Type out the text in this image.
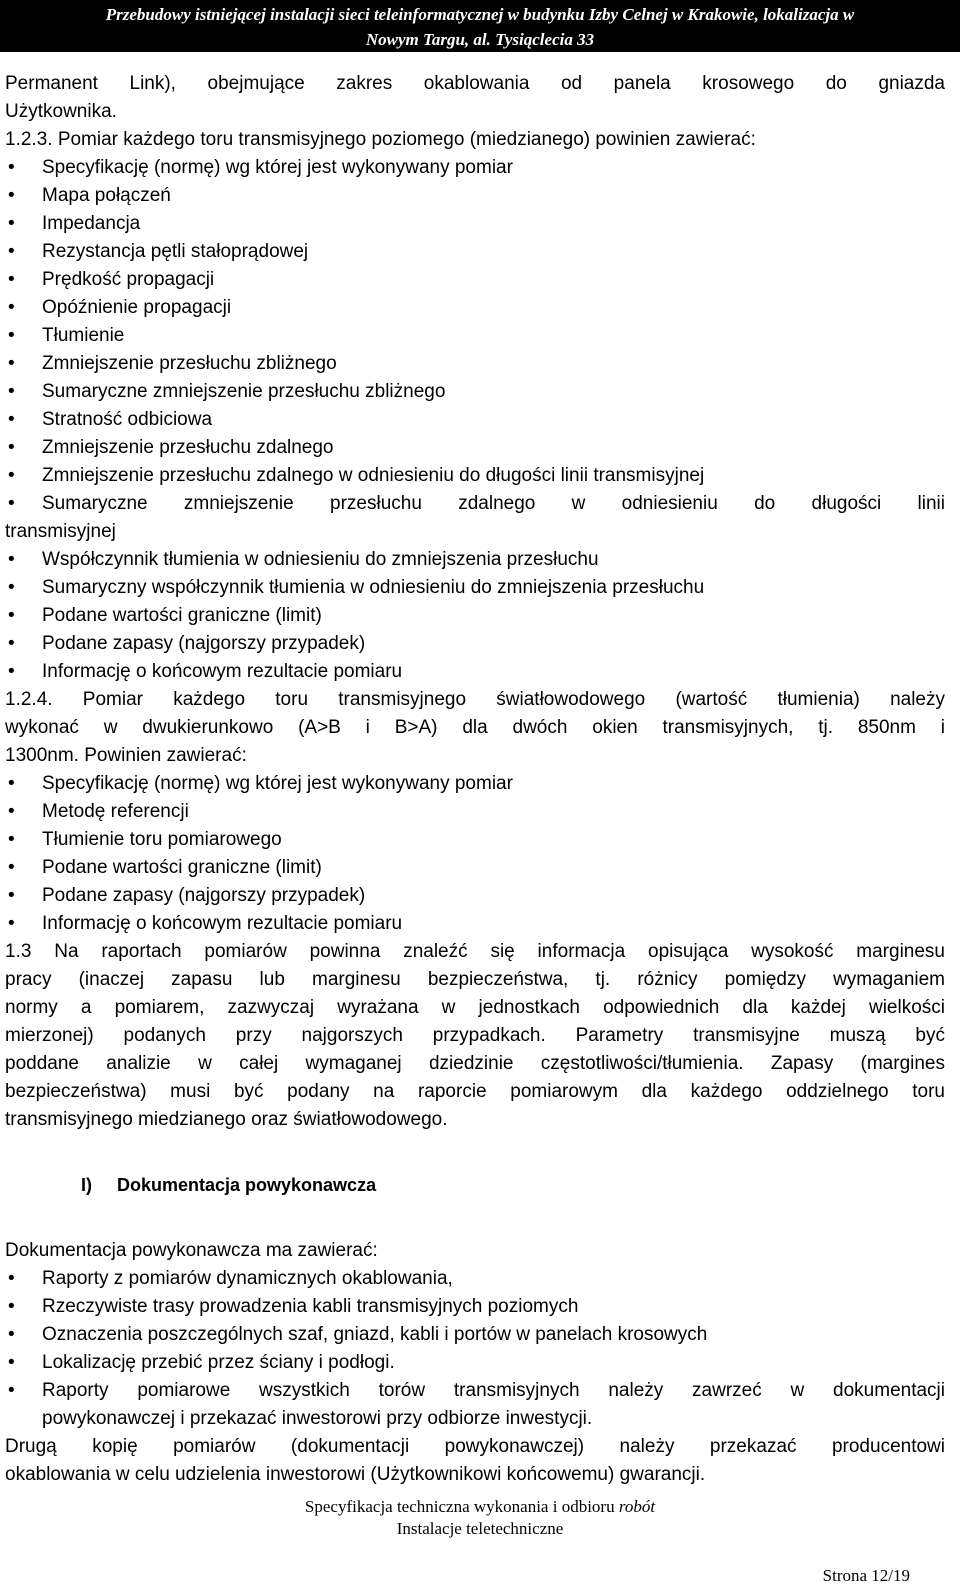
Przebudowy istniejącej instalacji sieci teleinformatycznej w budynku Izby Celnej w Krakowie, lokalizacja w
Nowym Targu, al. Tysiąclecia 33

Permanent Link), obejmujące zakres okablowania od panela krosowego do gniazda

Użytkownika.

1.2.3. Pomiar każdego toru transmisyjnego poziomego (miedzianego) powinien zawierać:

• Specyfikację (normę) wg której jest wykonywany pomiar
• Mapa połączeń
• Impedancja
• Rezystancja pętli stałoprądowej
• Prędkość propagacji
• Opóźnienie propagacji
• Tłumienie
• Zmniejszenie przesłuchu zbliżnego
• Sumaryczne zmniejszenie przesłuchu zbliżnego
• Stratność odbiciowa
• Zmniejszenie przesłuchu zdalnego
• Zmniejszenie przesłuchu zdalnego w odniesieniu do długości linii transmisyjnej
• Sumaryczne zmniejszenie przesłuchu zdalnego w odniesieniu do długości linii

transmisyjnej

• Współczynnik tłumienia w odniesieniu do zmniejszenia przesłuchu
• Sumaryczny współczynnik tłumienia w odniesieniu do zmniejszenia przesłuchu
• Podane wartości graniczne (limit)
• Podane zapasy (najgorszy przypadek)
• Informację o końcowym rezultacie pomiaru

1.2.4. Pomiar każdego toru transmisyjnego światłowodowego (wartość tłumienia) należy

wykonać w dwukierunkowo (A>B i B>A) dla dwóch okien transmisyjnych, tj. 850nm i

1300nm. Powinien zawierać:

• Specyfikację (normę) wg której jest wykonywany pomiar
• Metodę referencji
• Tłumienie toru pomiarowego
• Podane wartości graniczne (limit)
• Podane zapasy (najgorszy przypadek)
• Informację o końcowym rezultacie pomiaru

1.3 Na raportach pomiarów powinna znaleźć się informacja opisująca wysokość marginesu

pracy (inaczej zapasu lub marginesu bezpieczeństwa, tj. różnicy pomiędzy wymaganiem

normy a pomiarem, zazwyczaj wyrażana w jednostkach odpowiednich dla każdej wielkości

mierzonej) podanych przy najgorszych przypadkach. Parametry transmisyjne muszą być

poddane analizie w całej wymaganej dziedzinie częstotliwości/tłumienia. Zapasy (margines

bezpieczeństwa) musi być podany na raporcie pomiarowym dla każdego oddzielnego toru

transmisyjnego miedzianego oraz światłowodowego.

I) Dokumentacja powykonawcza

Dokumentacja powykonawcza ma zawierać:

• Raporty z pomiarów dynamicznych okablowania,
• Rzeczywiste trasy prowadzenia kabli transmisyjnych poziomych
• Oznaczenia poszczególnych szaf, gniazd, kabli i portów w panelach krosowych
• Lokalizację przebić przez ściany i podłogi.
• Raporty pomiarowe wszystkich torów transmisyjnych należy zawrzeć w dokumentacji

powykonawczej i przekazać inwestorowi przy odbiorze inwestycji.

Drugą kopię pomiarów (dokumentacji powykonawczej) należy przekazać producentowi

okablowania w celu udzielenia inwestorowi (Użytkownikowi końcowemu) gwarancji.

Specyfikacja techniczna wykonania i odbioru robót
Instalacje teletechniczne
Strona 12/19
